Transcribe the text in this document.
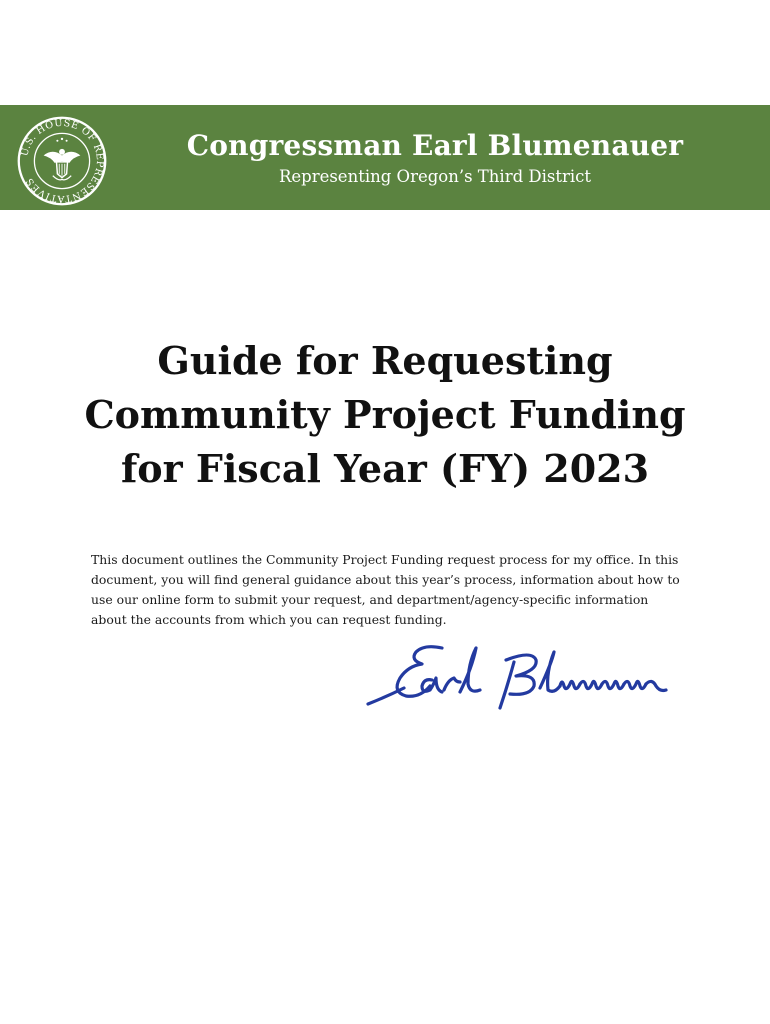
U.S. HOUSE OF REPRESENTATIVES
Congressman Earl Blumenauer
Representing Oregon’s Third District
Guide for Requesting
Community Project Funding
for Fiscal Year (FY) 2023

This document outlines the Community Project Funding request process for my office. In this document, you will find general guidance about this year’s process, information about how to use our online form to submit your request, and department/agency-specific information about the accounts from which you can request funding.
